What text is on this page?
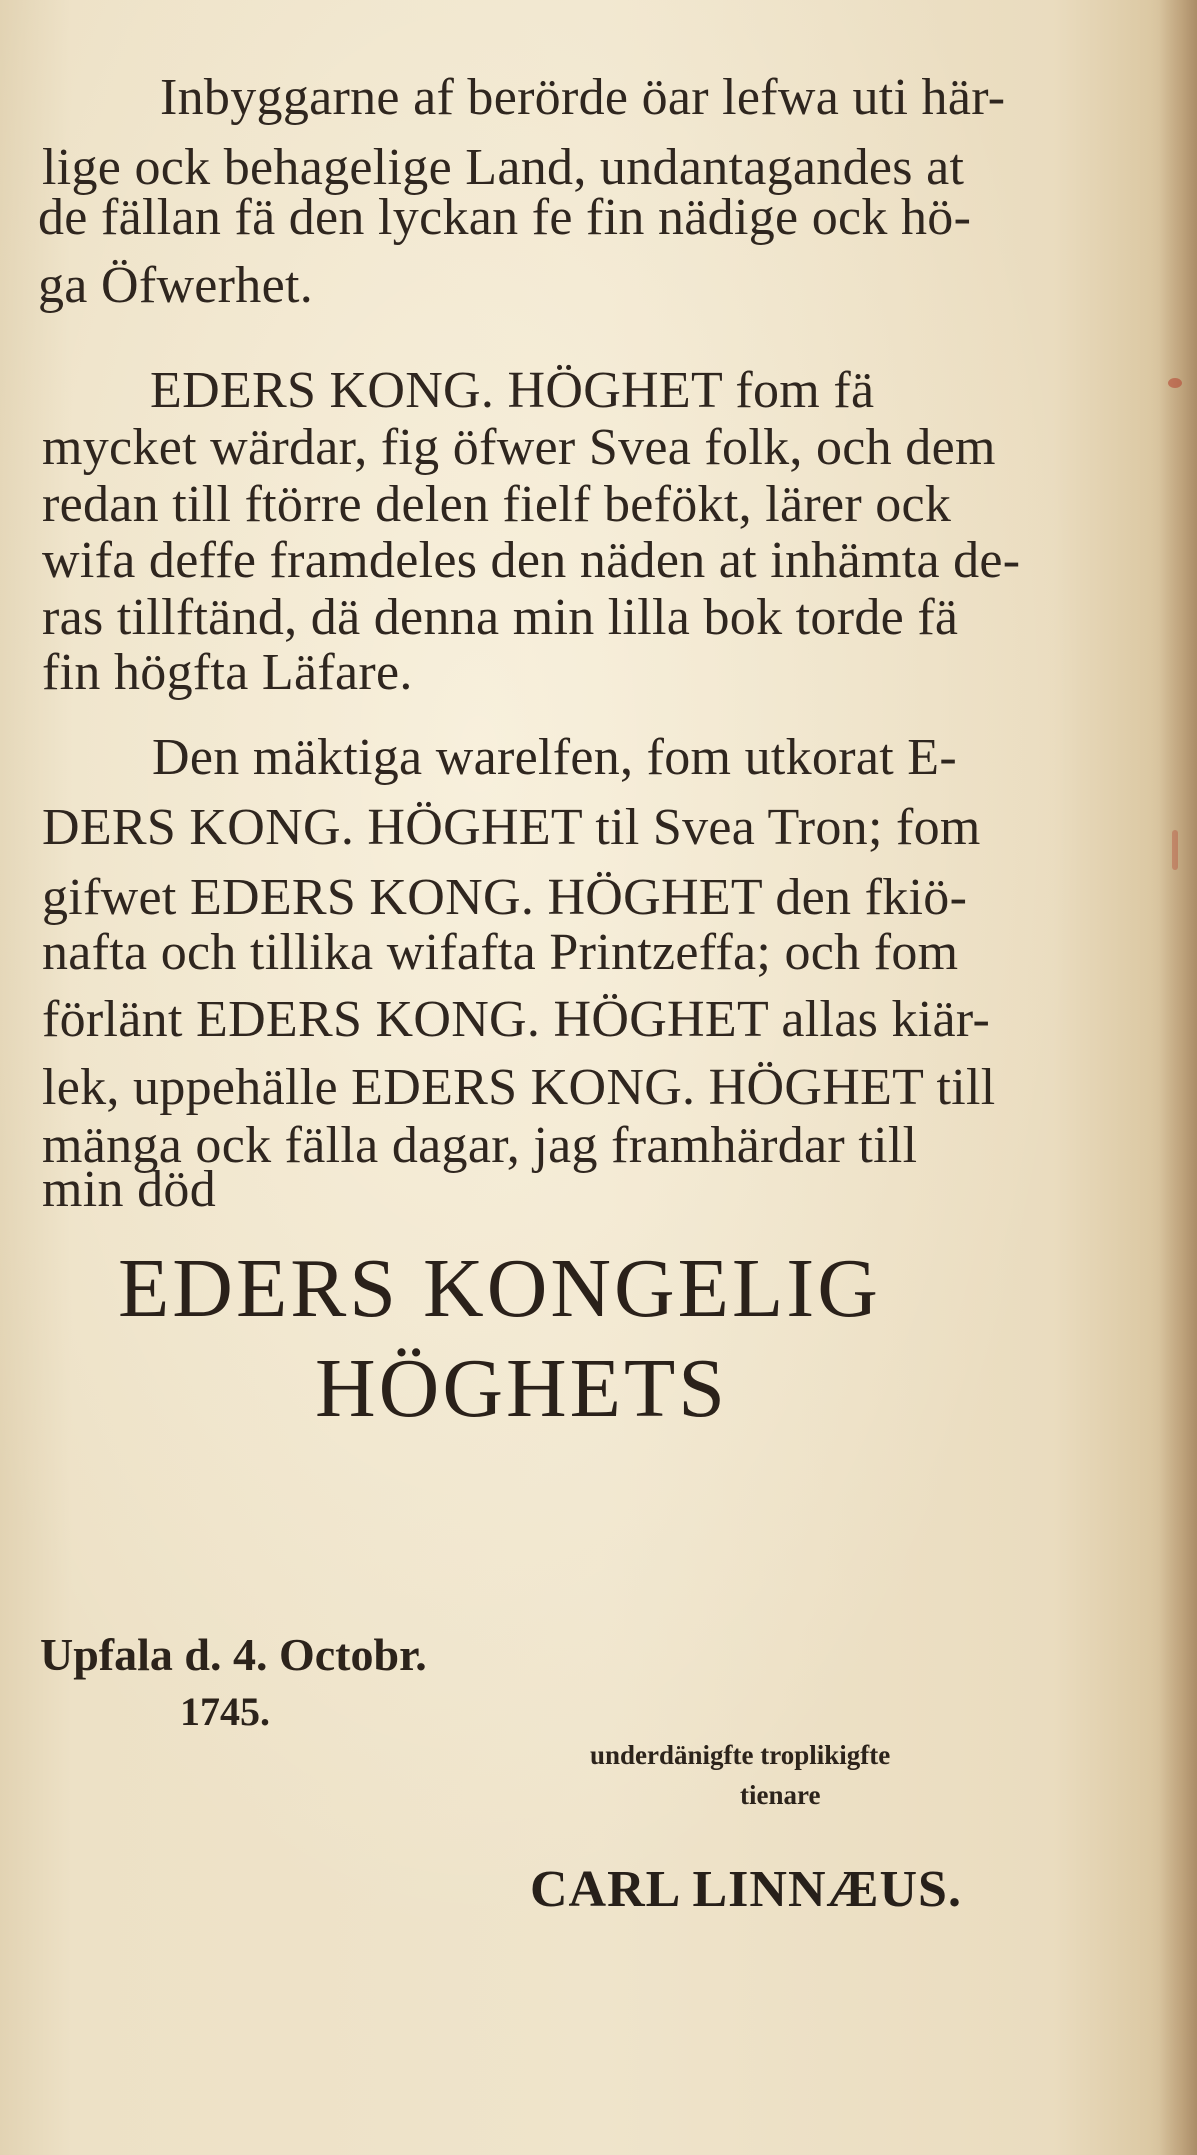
Inbyggarne af berörde öar lefwa uti här-
lige ock behagelige Land, undantagandes at
de fällan fä den lyckan fe fin nädige ock hö-
ga Öfwerhet.
EDERS KONG. HÖGHET fom fä
mycket wärdar, fig öfwer Svea folk, och dem
redan till ftörre delen fielf befökt, lärer ock
wifa deffe framdeles den näden at inhämta de-
ras tillftänd, dä denna min lilla bok torde fä
fin högfta Läfare.
Den mäktiga warelfen, fom utkorat E-
DERS KONG. HÖGHET til Svea Tron; fom
gifwet EDERS KONG. HÖGHET den fkiö-
nafta och tillika wifafta Printzeffa; och fom
förlänt EDERS KONG. HÖGHET allas kiär-
lek, uppehälle EDERS KONG. HÖGHET till
mänga ock fälla dagar, jag framhärdar till
min död
EDERS KONGELIG
HÖGHETS
Upfala d. 4. Octobr.
1745.
underdänigfte troplikigfte
tienare
CARL LINNÆUS.
